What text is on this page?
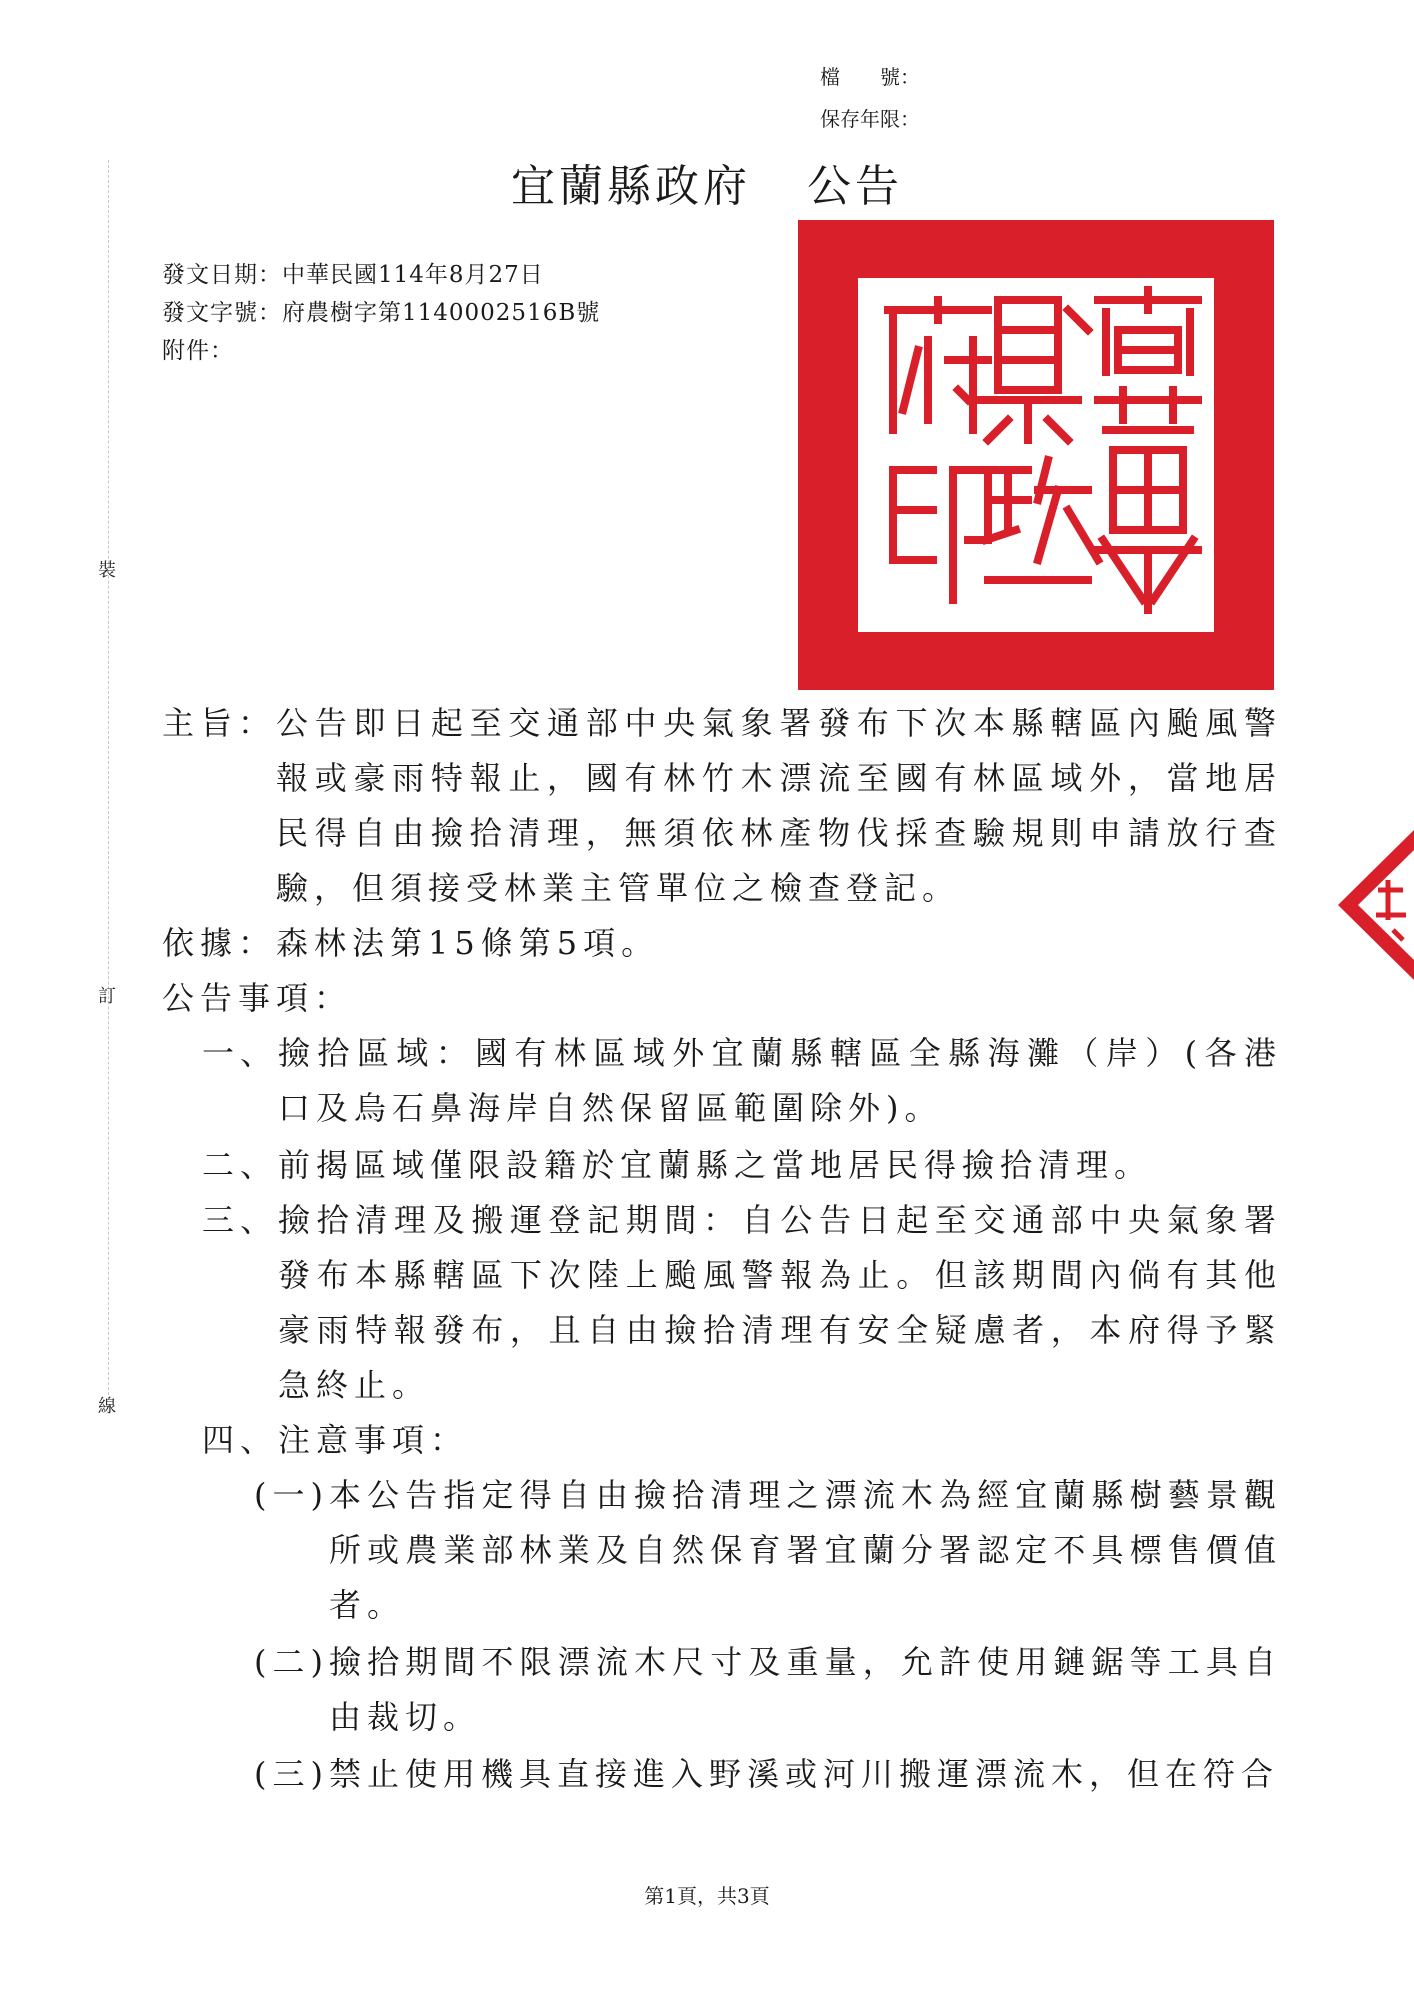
檔　　號：
保存年限：
裝
訂
線
宜蘭縣政府 公告
發文日期：中華民國114年8月27日
發文字號：府農樹字第1140002516B號
附件：
主旨： 公告即日起至交通部中央氣象署發布下次本縣轄區內颱風警報或豪雨特報止，國有林竹木漂流至國有林區域外，當地居民得自由撿拾清理，無須依林產物伐採查驗規則申請放行查驗，但須接受林業主管單位之檢查登記。
依據： 森林法第15條第5項。
公告事項：
一、 撿拾區域：國有林區域外宜蘭縣轄區全縣海灘（岸）(各港口及烏石鼻海岸自然保留區範圍除外)。
二、 前揭區域僅限設籍於宜蘭縣之當地居民得撿拾清理。
三、 撿拾清理及搬運登記期間：自公告日起至交通部中央氣象署發布本縣轄區下次陸上颱風警報為止。但該期間內倘有其他豪雨特報發布，且自由撿拾清理有安全疑慮者，本府得予緊急終止。
四、 注意事項：
(一) 本公告指定得自由撿拾清理之漂流木為經宜蘭縣樹藝景觀所或農業部林業及自然保育署宜蘭分署認定不具標售價值者。
(二) 撿拾期間不限漂流木尺寸及重量，允許使用鏈鋸等工具自由裁切。
(三) 禁止使用機具直接進入野溪或河川搬運漂流木，但在符合
第1頁，共3頁
